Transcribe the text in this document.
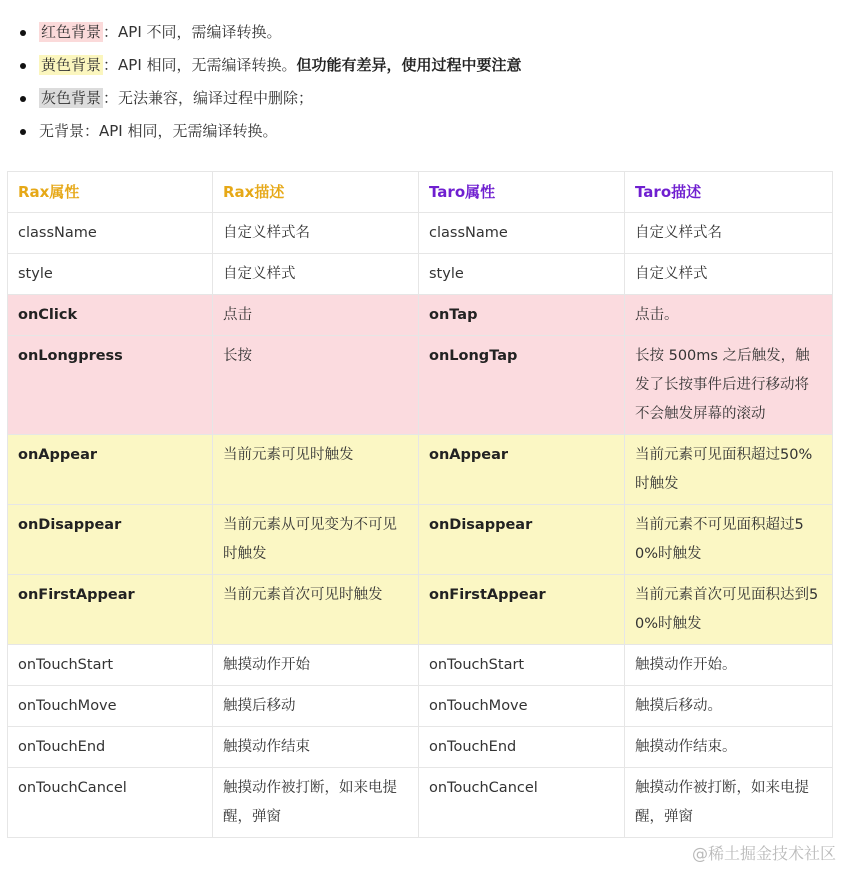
红色背景 ：API 不同，需编译转换。
黄色背景 ：API 相同，无需编译转换。但功能有差异，使用过程中要注意
灰色背景 ：无法兼容，编译过程中删除；
无背景：API 相同，无需编译转换。
Rax属性	Rax描述	Taro属性	Taro描述
className	自定义样式名	className	自定义样式名
style	自定义样式	style	自定义样式
onClick	点击	onTap	点击。
onLongpress	长按	onLongTap	长按 500ms 之后触发，触发了长按事件后进行移动将不会触发屏幕的滚动
onAppear	当前元素可见时触发	onAppear	当前元素可见面积超过50%时触发
onDisappear	当前元素从可见变为不可见时触发	onDisappear	当前元素不可见面积超过50%时触发
onFirstAppear	当前元素首次可见时触发	onFirstAppear	当前元素首次可见面积达到50%时触发
onTouchStart	触摸动作开始	onTouchStart	触摸动作开始。
onTouchMove	触摸后移动	onTouchMove	触摸后移动。
onTouchEnd	触摸动作结束	onTouchEnd	触摸动作结束。
onTouchCancel	触摸动作被打断，如来电提醒，弹窗	onTouchCancel	触摸动作被打断，如来电提醒，弹窗
@稀土掘金技术社区
